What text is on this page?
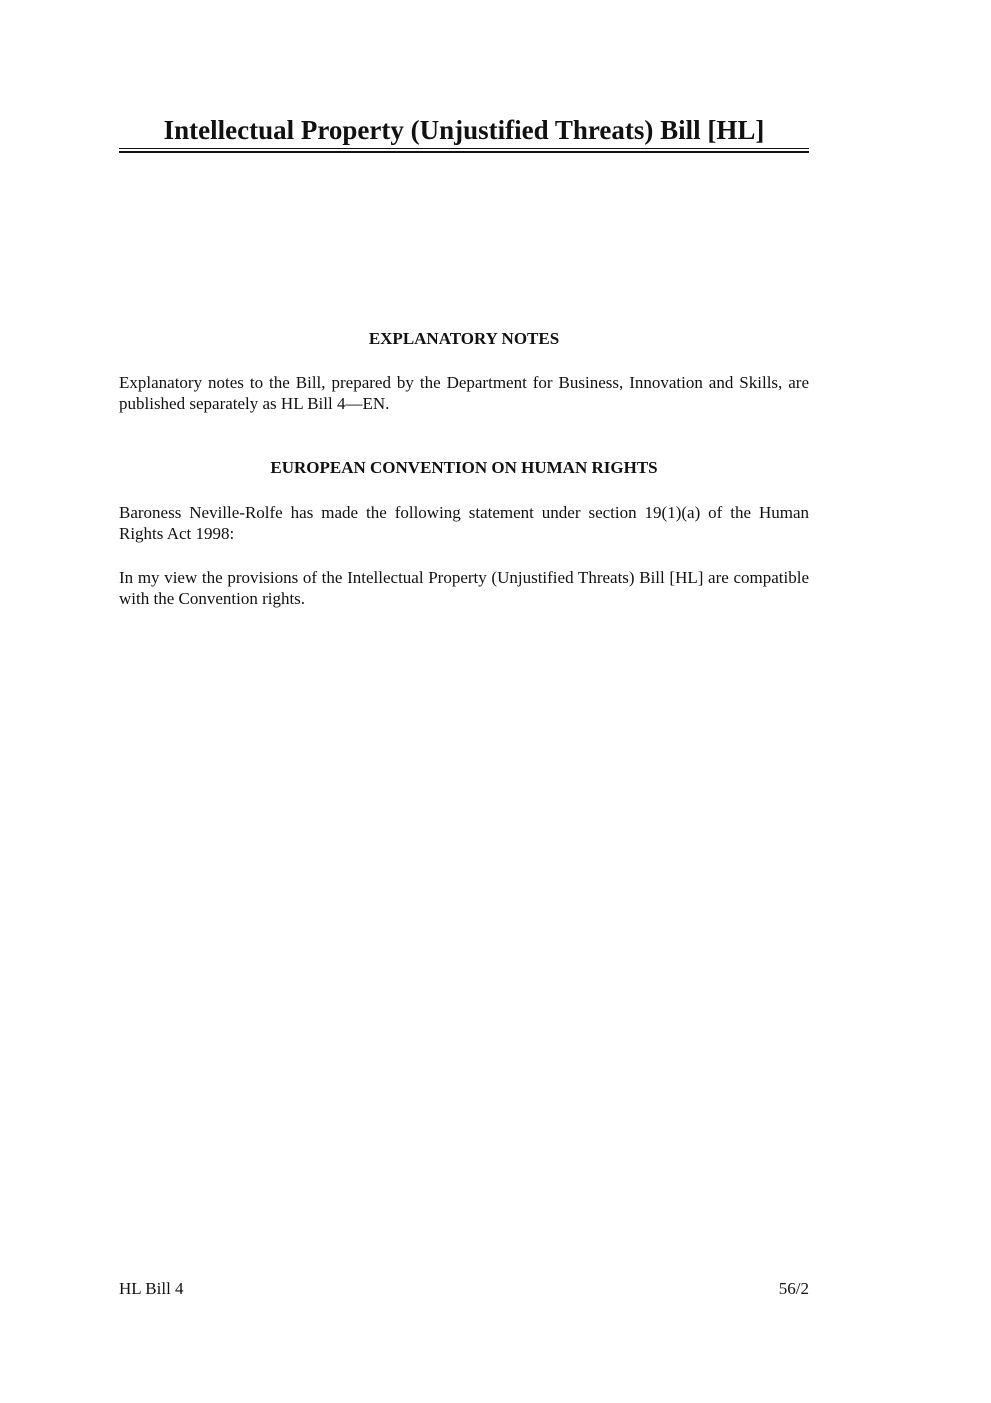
Intellectual Property (Unjustified Threats) Bill [HL]
EXPLANATORY NOTES

Explanatory notes to the Bill, prepared by the Department for Business, Innovation and Skills, are published separately as HL Bill 4—EN.

EUROPEAN CONVENTION ON HUMAN RIGHTS

Baroness Neville-Rolfe has made the following statement under section 19(1)(a) of the Human Rights Act 1998:

In my view the provisions of the Intellectual Property (Unjustified Threats) Bill [HL] are compatible with the Convention rights.

HL Bill 4	56/2
